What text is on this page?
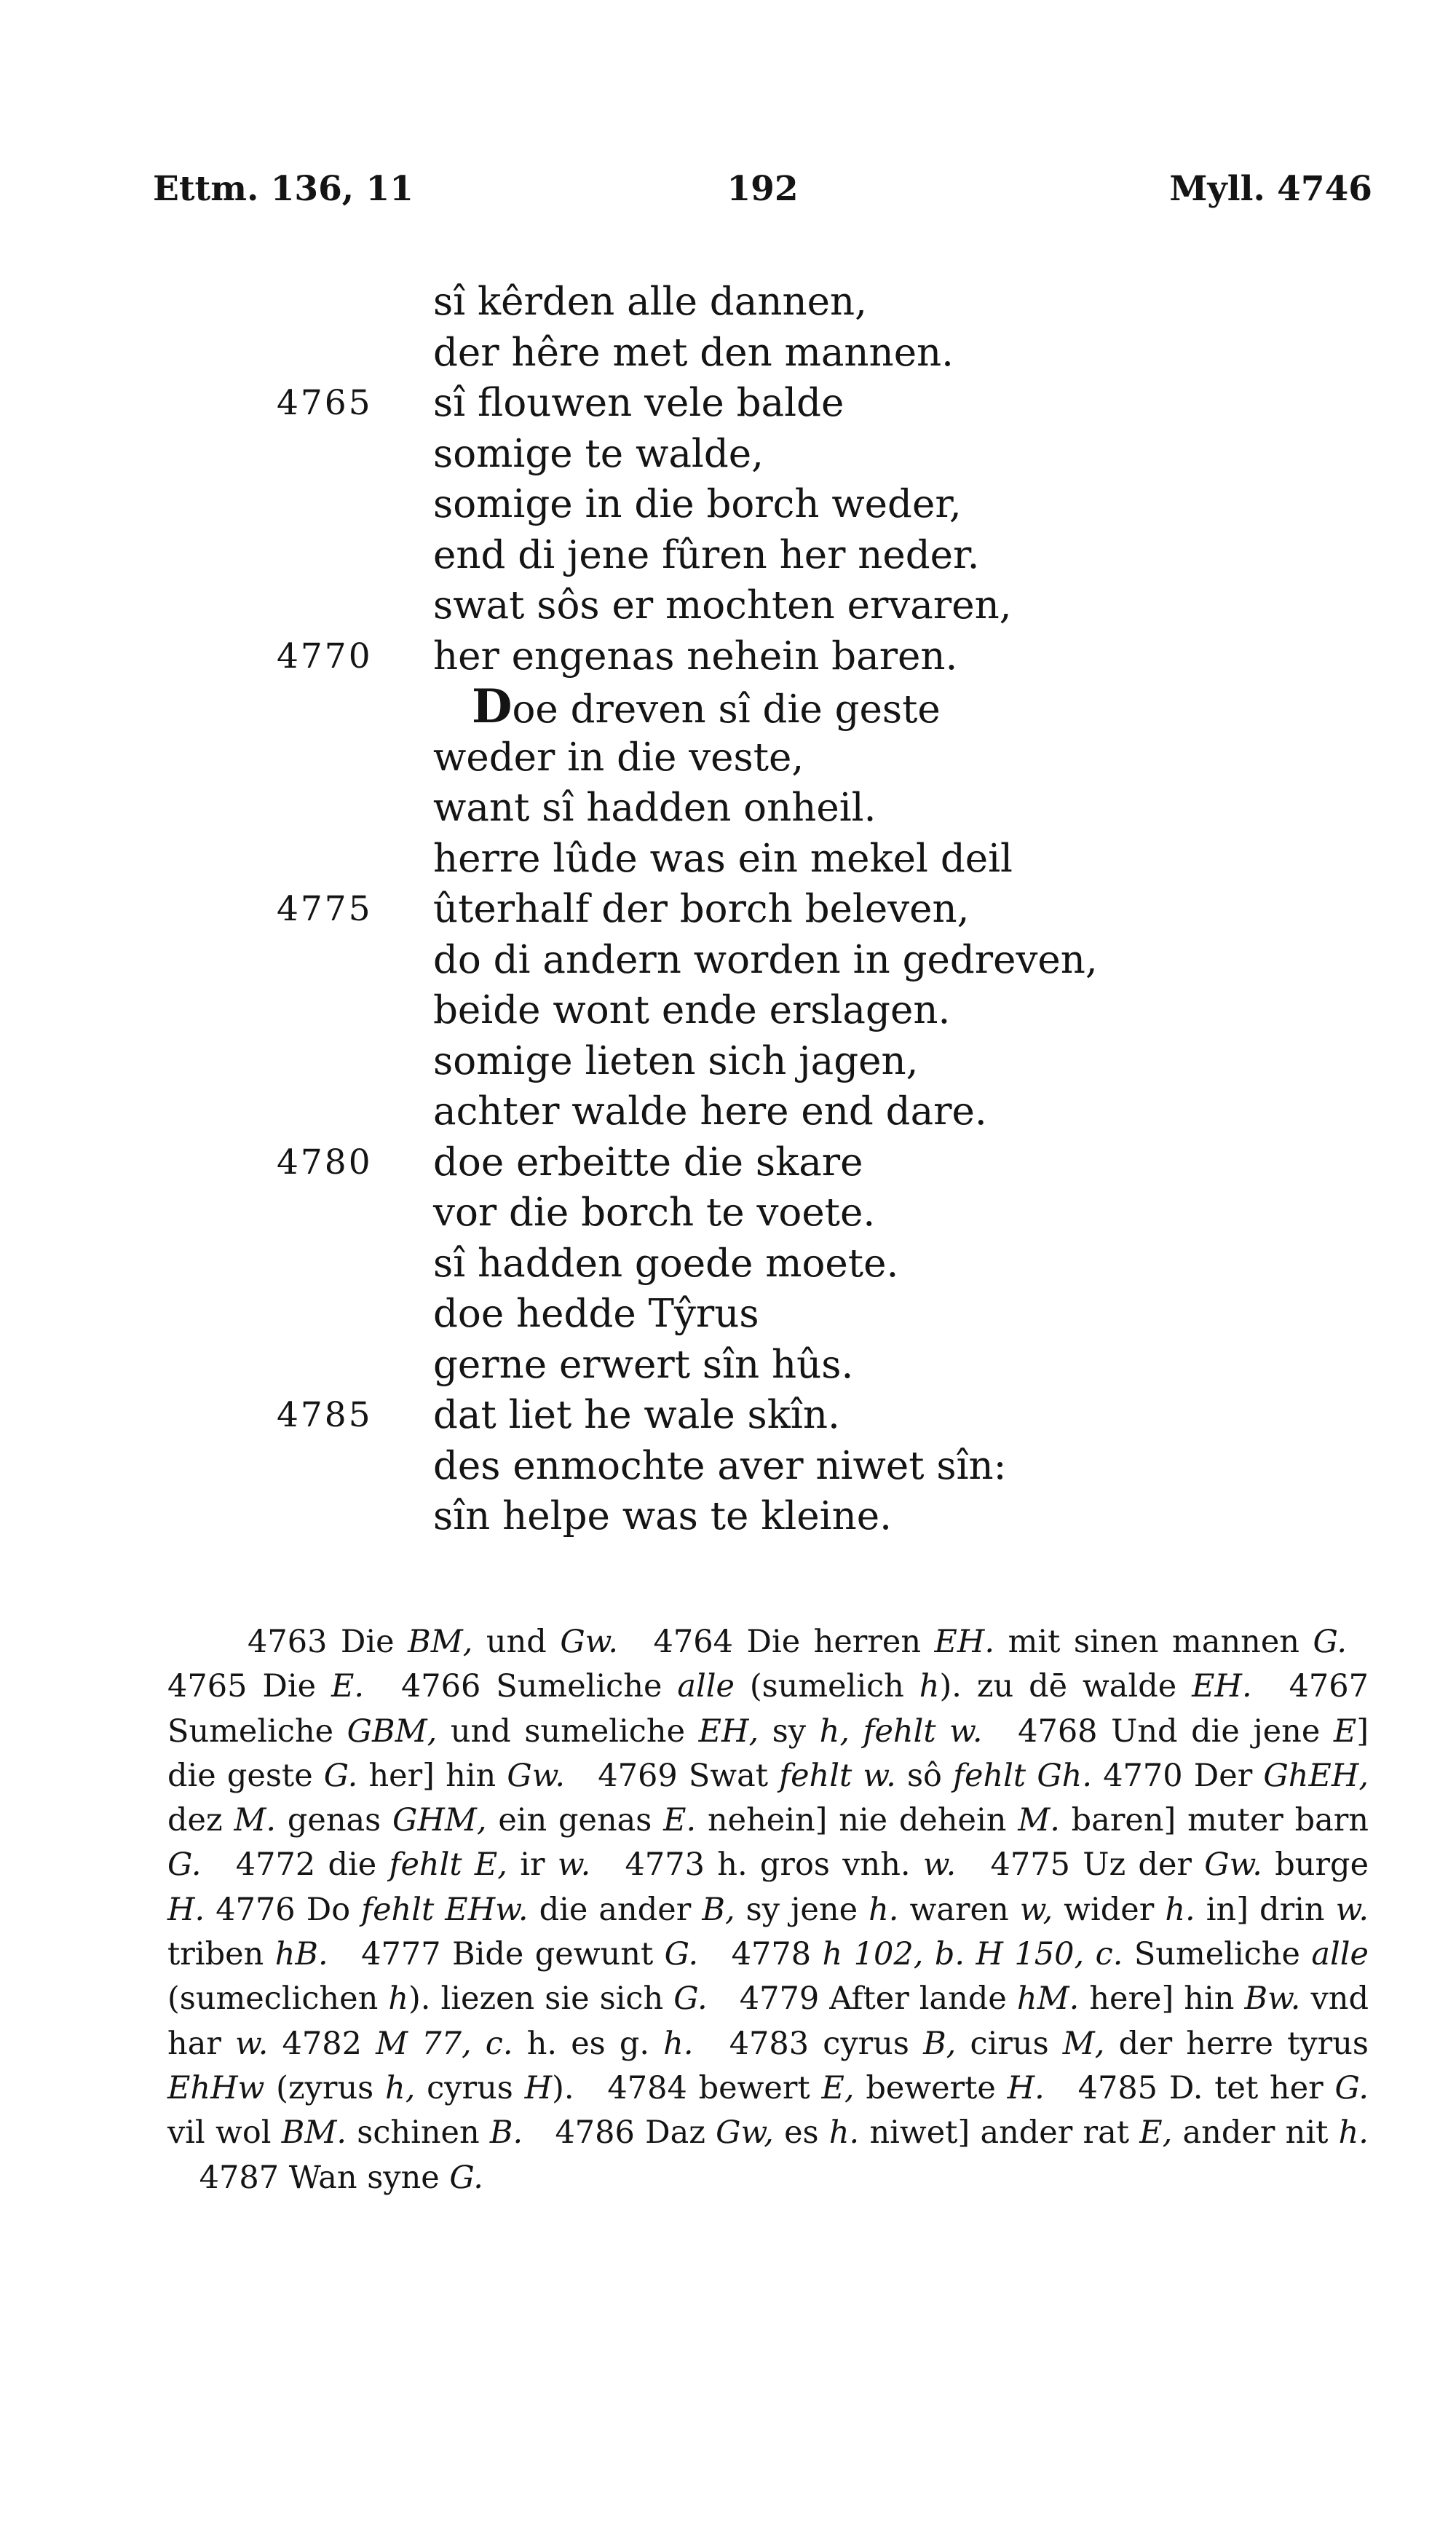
Ettm. 136, 11	192	Myll. 4746
sî kêrden alle dannen,
der hêre met den mannen.
4765	sî flouwen vele balde
somige te walde,
somige in die borch weder,
end di jene fûren her neder.
swat sôs er mochten ervaren,
4770	her engenas nehein baren.
Doe dreven sî die geste
weder in die veste,
want sî hadden onheil.
herre lûde was ein mekel deil
4775	ûterhalf der borch beleven,
do di andern worden in gedreven,
beide wont ende erslagen.
somige lieten sich jagen,
achter walde here end dare.
4780	doe erbeitte die skare
vor die borch te voete.
sî hadden goede moete.
doe hedde Tŷrus
gerne erwert sîn hûs.
4785	dat liet he wale skîn.
des enmochte aver niwet sîn:
sîn helpe was te kleine.

4763 Die BM, und Gw. 4764 Die herren EH. mit sinen mannen G. 4765 Die E. 4766 Sumeliche alle (sumelich h). zu dē walde EH. 4767 Sumeliche GBM, und sumeliche EH, sy h, fehlt w. 4768 Und die jene E] die geste G. her] hin Gw. 4769 Swat fehlt w. sô fehlt Gh. 4770 Der GhEH, dez M. genas GHM, ein genas E. nehein] nie dehein M. baren] muter barn G. 4772 die fehlt E, ir w. 4773 h. gros vnh. w. 4775 Uz der Gw. burge H. 4776 Do fehlt EHw. die ander B, sy jene h. waren w, wider h. in] drin w. triben hB. 4777 Bide gewunt G. 4778 h 102, b. H 150, c. Sumeliche alle (sumeclichen h). liezen sie sich G. 4779 After lande hM. here] hin Bw. vnd har w. 4782 M 77, c. h. es g. h. 4783 cyrus B, cirus M, der herre tyrus EhHw (zyrus h, cyrus H). 4784 bewert E, bewerte H. 4785 D. tet her G. vil wol BM. schinen B. 4786 Daz Gw, es h. niwet] ander rat E, ander nit h. 4787 Wan syne G.
